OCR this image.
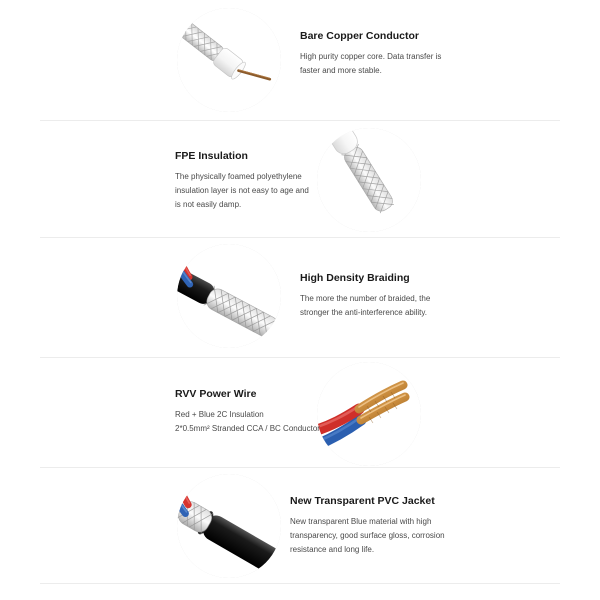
Bare Copper Conductor

High purity copper core. Data transfer is
faster and more stable.

FPE Insulation

The physically foamed polyethylene
insulation layer is not easy to age and
is not easily damp.

High Density Braiding

The more the number of braided, the
stronger the anti-interference ability.

RVV Power Wire

Red + Blue 2C Insulation
2*0.5mm² Stranded CCA / BC Conductor

New Transparent PVC Jacket

New transparent Blue material with high
transparency, good surface gloss, corrosion
resistance and long life.
